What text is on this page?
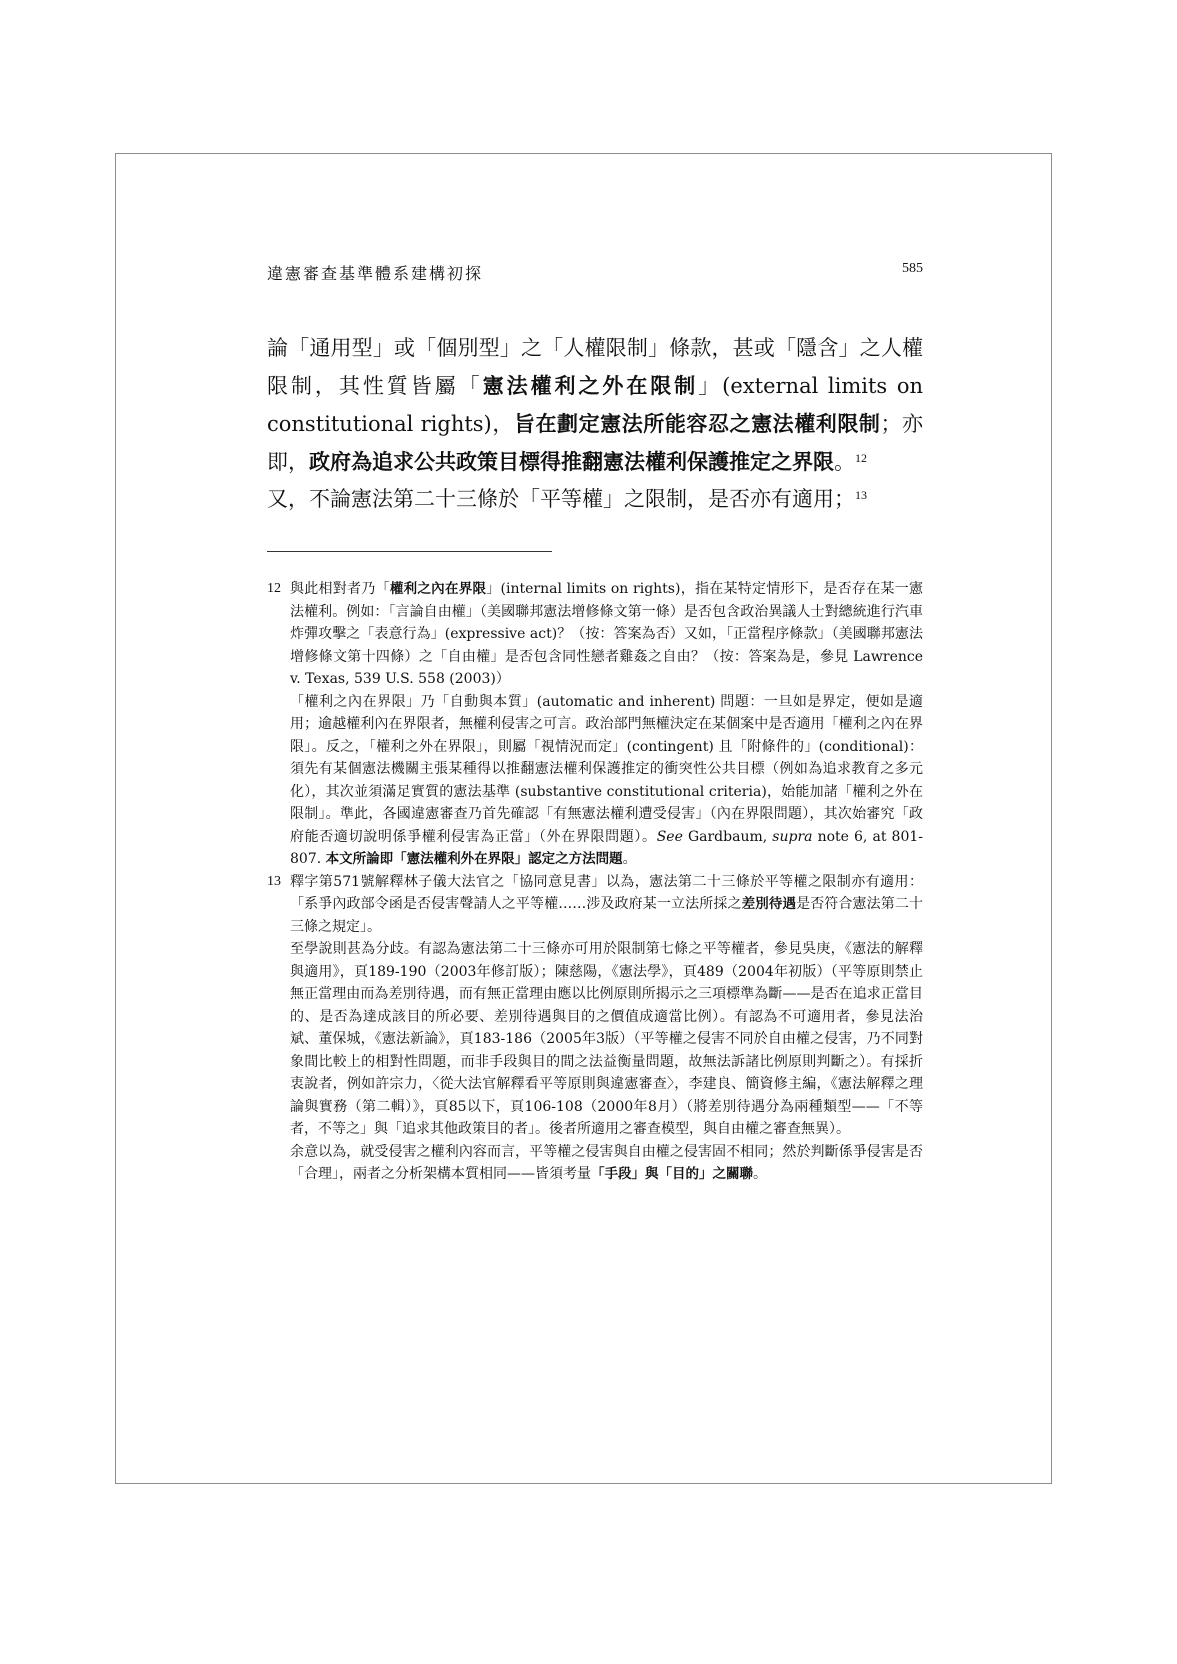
違憲審查基準體系建構初探	585

論「通用型」或「個別型」之「人權限制」條款，甚或「隱含」之人權限制，其性質皆屬「憲法權利之外在限制」(external limits on constitutional rights)，旨在劃定憲法所能容忍之憲法權利限制；亦即，政府為追求公共政策目標得推翻憲法權利保護推定之界限。$^{12}$

又，不論憲法第二十三條於「平等權」之限制，是否亦有適用；$^{13}$

12 與此相對者乃「權利之內在界限」(internal limits on rights)，指在某特定情形下，是否存在某一憲法權利。例如：「言論自由權」（美國聯邦憲法增修條文第一條）是否包含政治異議人士對總統進行汽車炸彈攻擊之「表意行為」(expressive act)？（按：答案為否）又如，「正當程序條款」（美國聯邦憲法增修條文第十四條）之「自由權」是否包含同性戀者雞姦之自由？（按：答案為是，參見 Lawrence v. Texas, 539 U.S. 558 (2003)）

「權利之內在界限」乃「自動與本質」(automatic and inherent) 問題：一旦如是界定，便如是適用；逾越權利內在界限者，無權利侵害之可言。政治部門無權決定在某個案中是否適用「權利之內在界限」。反之，「權利之外在界限」，則屬「視情況而定」(contingent) 且「附條件的」(conditional)：須先有某個憲法機關主張某種得以推翻憲法權利保護推定的衝突性公共目標（例如為追求教育之多元化），其次並須滿足實質的憲法基準 (substantive constitutional criteria)，始能加諸「權利之外在限制」。準此，各國違憲審查乃首先確認「有無憲法權利遭受侵害」（內在界限問題），其次始審究「政府能否適切說明係爭權利侵害為正當」（外在界限問題）。See Gardbaum, supra note 6, at 801-807. 本文所論即「憲法權利外在界限」認定之方法問題。

13 釋字第571號解釋林子儀大法官之「協同意見書」以為，憲法第二十三條於平等權之限制亦有適用：「系爭內政部令函是否侵害聲請人之平等權……涉及政府某一立法所採之差別待遇是否符合憲法第二十三條之規定」。

至學說則甚為分歧。有認為憲法第二十三條亦可用於限制第七條之平等權者，參見吳庚，《憲法的解釋與適用》，頁189-190（2003年修訂版）；陳慈陽，《憲法學》，頁489（2004年初版）（平等原則禁止無正當理由而為差別待遇，而有無正當理由應以比例原則所揭示之三項標準為斷——是否在追求正當目的、是否為達成該目的所必要、差別待遇與目的之價值成適當比例）。有認為不可適用者，參見法治斌、董保城，《憲法新論》，頁183-186（2005年3版）（平等權之侵害不同於自由權之侵害，乃不同對象間比較上的相對性問題，而非手段與目的間之法益衡量問題，故無法訴諸比例原則判斷之）。有採折衷說者，例如許宗力，〈從大法官解釋看平等原則與違憲審查〉，李建良、簡資修主編，《憲法解釋之理論與實務（第二輯）》，頁85以下，頁106-108（2000年8月）（將差別待遇分為兩種類型——「不等者，不等之」與「追求其他政策目的者」。後者所適用之審查模型，與自由權之審查無異）。

余意以為，就受侵害之權利內容而言，平等權之侵害與自由權之侵害固不相同；然於判斷係爭侵害是否「合理」，兩者之分析架構本質相同——皆須考量「手段」與「目的」之關聯。
